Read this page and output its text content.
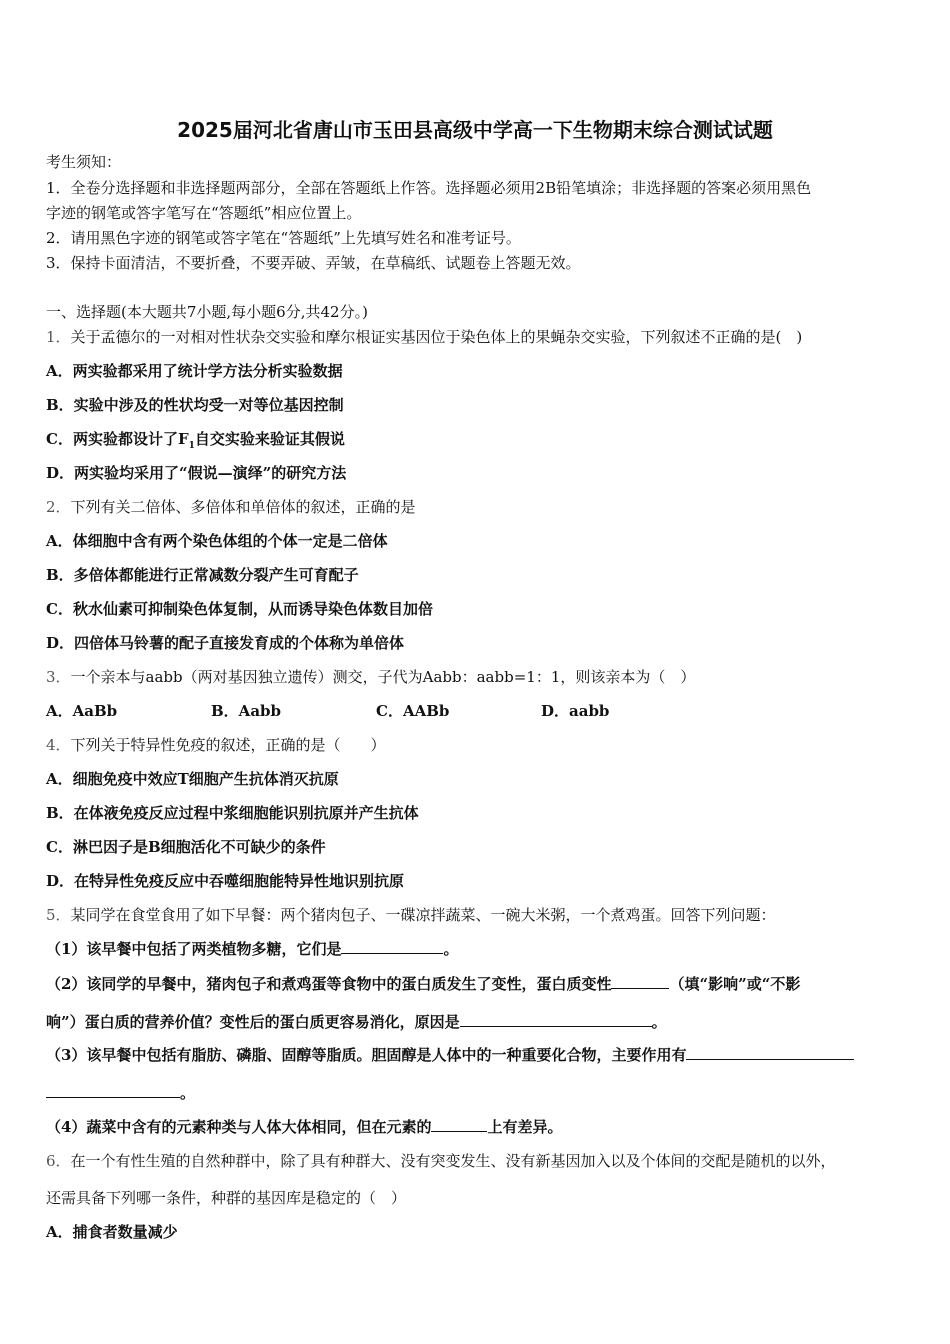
2025届河北省唐山市玉田县高级中学高一下生物期末综合测试试题
考生须知：
1．全卷分选择题和非选择题两部分，全部在答题纸上作答。选择题必须用2B铅笔填涂；非选择题的答案必须用黑色
字迹的钢笔或答字笔写在“答题纸”相应位置上。
2．请用黑色字迹的钢笔或答字笔在“答题纸”上先填写姓名和准考证号。
3．保持卡面清洁，不要折叠，不要弄破、弄皱，在草稿纸、试题卷上答题无效。
一、选择题(本大题共7小题,每小题6分,共42分。)
1．关于孟德尔的一对相对性状杂交实验和摩尔根证实基因位于染色体上的果蝇杂交实验，下列叙述不正确的是(　)
A．两实验都采用了统计学方法分析实验数据
B．实验中涉及的性状均受一对等位基因控制
C．两实验都设计了$F_1$自交实验来验证其假说
D．两实验均采用了“假说—演绎”的研究方法
2．下列有关二倍体、多倍体和单倍体的叙述，正确的是
A．体细胞中含有两个染色体组的个体一定是二倍体
B．多倍体都能进行正常减数分裂产生可育配子
C．秋水仙素可抑制染色体复制，从而诱导染色体数目加倍
D．四倍体马铃薯的配子直接发育成的个体称为单倍体
3．一个亲本与aabb（两对基因独立遗传）测交，子代为Aabb：aabb=1：1，则该亲本为（　）
A．AaBb	B．Aabb	C．AABb	D．aabb
4．下列关于特异性免疫的叙述，正确的是（　　）
A．细胞免疫中效应T细胞产生抗体消灭抗原
B．在体液免疫反应过程中浆细胞能识别抗原并产生抗体
C．淋巴因子是B细胞活化不可缺少的条件
D．在特异性免疫反应中吞噬细胞能特异性地识别抗原
5．某同学在食堂食用了如下早餐：两个猪肉包子、一碟凉拌蔬菜、一碗大米粥，一个煮鸡蛋。回答下列问题：
（1）该早餐中包括了两类植物多糖，它们是	。
（2）该同学的早餐中，猪肉包子和煮鸡蛋等食物中的蛋白质发生了变性，蛋白质变性	（填“影响”或“不影
响”）蛋白质的营养价值？变性后的蛋白质更容易消化，原因是	。
（3）该早餐中包括有脂肪、磷脂、固醇等脂质。胆固醇是人体中的一种重要化合物，主要作用有
。
（4）蔬菜中含有的元素种类与人体大体相同，但在元素的	上有差异。
6．在一个有性生殖的自然种群中，除了具有种群大、没有突变发生、没有新基因加入以及个体间的交配是随机的以外，
还需具备下列哪一条件，种群的基因库是稳定的（　）
A．捕食者数量减少
